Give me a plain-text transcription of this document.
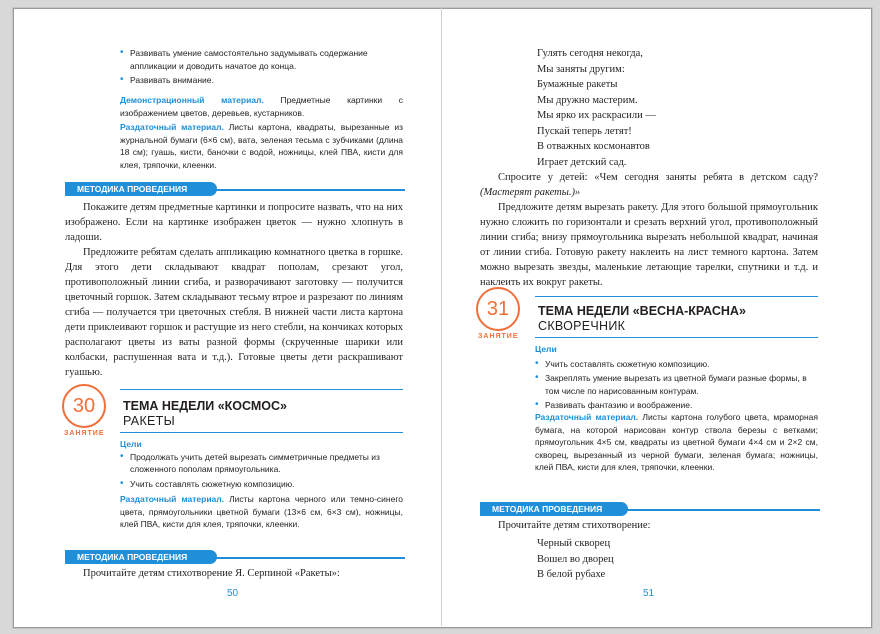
• Развивать умение самостоятельно задумывать содержание аппликации и доводить начатое до конца.
• Развивать внимание.
Демонстрационный материал. Предметные картинки с изображением цветов, деревьев, кустарников.
Раздаточный материал. Листы картона, квадраты, вырезанные из журнальной бумаги (6×6 см), вата, зеленая тесьма с зубчиками (длина 18 см); гуашь, кисти, баночки с водой, ножницы, клей ПВА, кисти для клея, тряпочки, клеенки.
МЕТОДИКА ПРОВЕДЕНИЯ

Покажите детям предметные картинки и попросите назвать, что на них изображено. Если на картинке изображен цветок — нужно хлопнуть в ладоши.

Предложите ребятам сделать аппликацию комнатного цветка в горшке. Для этого дети складывают квадрат пополам, срезают угол, противоположный линии сгиба, и разворачивают заготовку — получится цветочный горшок. Затем складывают тесьму втрое и разрезают по линиям сгиба — получается три цветочных стебля. В нижней части листа картона дети приклеивают горшок и растущие из него стебли, на кончиках которых располагают цветы из ваты разной формы (скрученные шарики или колбаски, распушенная вата и т.д.). Готовые цветы дети раскрашивают гуашью.

30
ЗАНЯТИЕ
ТЕМА НЕДЕЛИ «КОСМОС»
РАКЕТЫ
Цели
• Продолжать учить детей вырезать симметричные предметы из сложенного пополам прямоугольника.
• Учить составлять сюжетную композицию.
Раздаточный материал. Листы картона черного или темно-синего цвета, прямоугольники цветной бумаги (13×6 см, 6×3 см), ножницы, клей ПВА, кисти для клея, тряпочки, клеенки.
МЕТОДИКА ПРОВЕДЕНИЯ

Прочитайте детям стихотворение Я. Серпиной «Ракеты»:

50
Гулять сегодня некогда,
Мы заняты другим:
Бумажные ракеты
Мы дружно мастерим.
Мы ярко их раскрасили —
Пускай теперь летят!
В отважных космонавтов
Играет детский сад.

Спросите у детей: «Чем сегодня заняты ребята в детском саду? (Мастерят ракеты.)»

Предложите детям вырезать ракету. Для этого большой прямоугольник нужно сложить по горизонтали и срезать верхний угол, противоположный линии сгиба; внизу прямоугольника вырезать небольшой квадрат, начиная от линии сгиба. Готовую ракету наклеить на лист темного картона. Затем можно вырезать звезды, маленькие летающие тарелки, спутники и т.д. и наклеить их вокруг ракеты.

31
ЗАНЯТИЕ
ТЕМА НЕДЕЛИ «ВЕСНА-КРАСНА»
СКВОРЕЧНИК
Цели
• Учить составлять сюжетную композицию.
• Закреплять умение вырезать из цветной бумаги разные формы, в том числе по нарисованным контурам.
• Развивать фантазию и воображение.
Раздаточный материал. Листы картона голубого цвета, мраморная бумага, на которой нарисован контур ствола березы с ветками; прямоугольник 4×5 см, квадраты из цветной бумаги 4×4 см и 2×2 см, скворец, вырезанный из черной бумаги, зеленая бумага; ножницы, клей ПВА, кисти для клея, тряпочки, клеенки.
МЕТОДИКА ПРОВЕДЕНИЯ

Прочитайте детям стихотворение:

Черный скворец
Вошел во дворец
В белой рубахе
51
